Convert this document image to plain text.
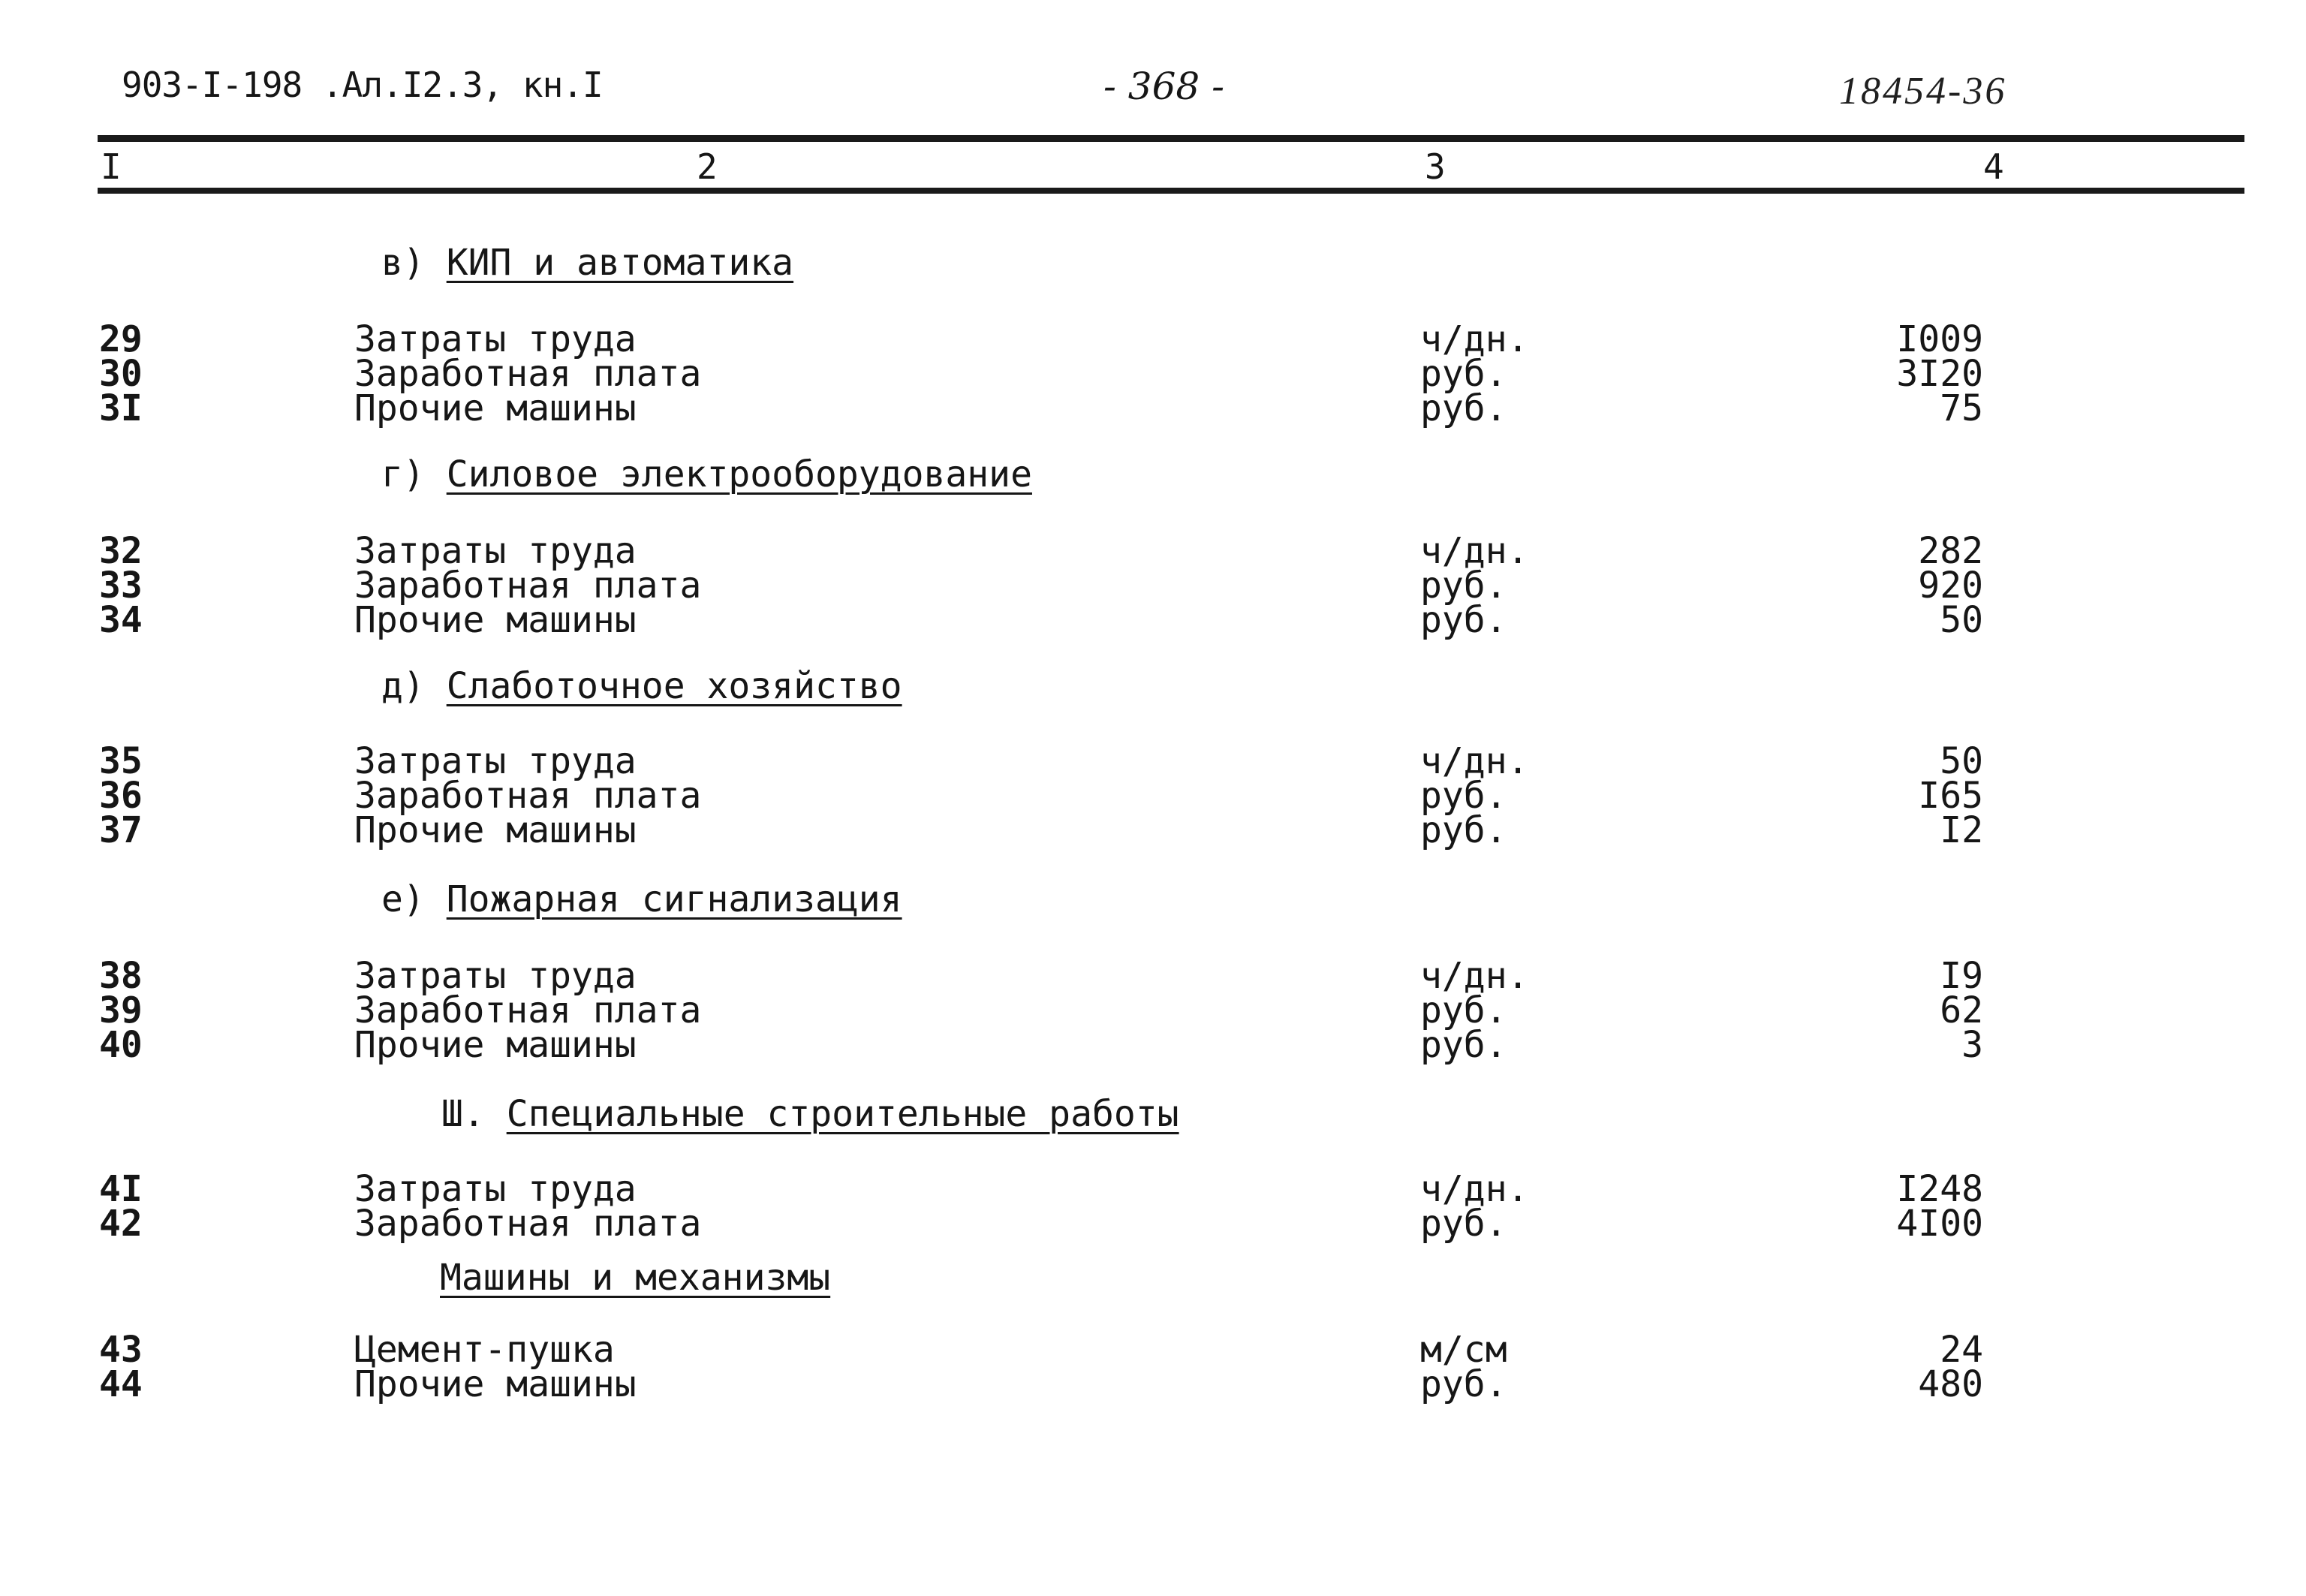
903-I-198 .Ал.I2.3, кн.I	- 368 -	18454-36
I	2	3	4
в) КИП и автоматика
29	Затраты труда	ч/дн.	I009
30	Заработная плата	руб.	3I20
3I	Прочие машины	руб.	75
г) Силовое электрооборудование
32	Затраты труда	ч/дн.	282
33	Заработная плата	руб.	920
34	Прочие машины	руб.	50
д) Слаботочное хозяйство
35	Затраты труда	ч/дн.	50
36	Заработная плата	руб.	I65
37	Прочие машины	руб.	I2
е) Пожарная сигнализация
38	Затраты труда	ч/дн.	I9
39	Заработная плата	руб.	62
40	Прочие машины	руб.	3
Ш. Специальные строительные работы
4I	Затраты труда	ч/дн.	I248
42	Заработная плата	руб.	4I00
Машины и механизмы
43	Цемент-пушка	м/см	24
44	Прочие машины	руб.	480
